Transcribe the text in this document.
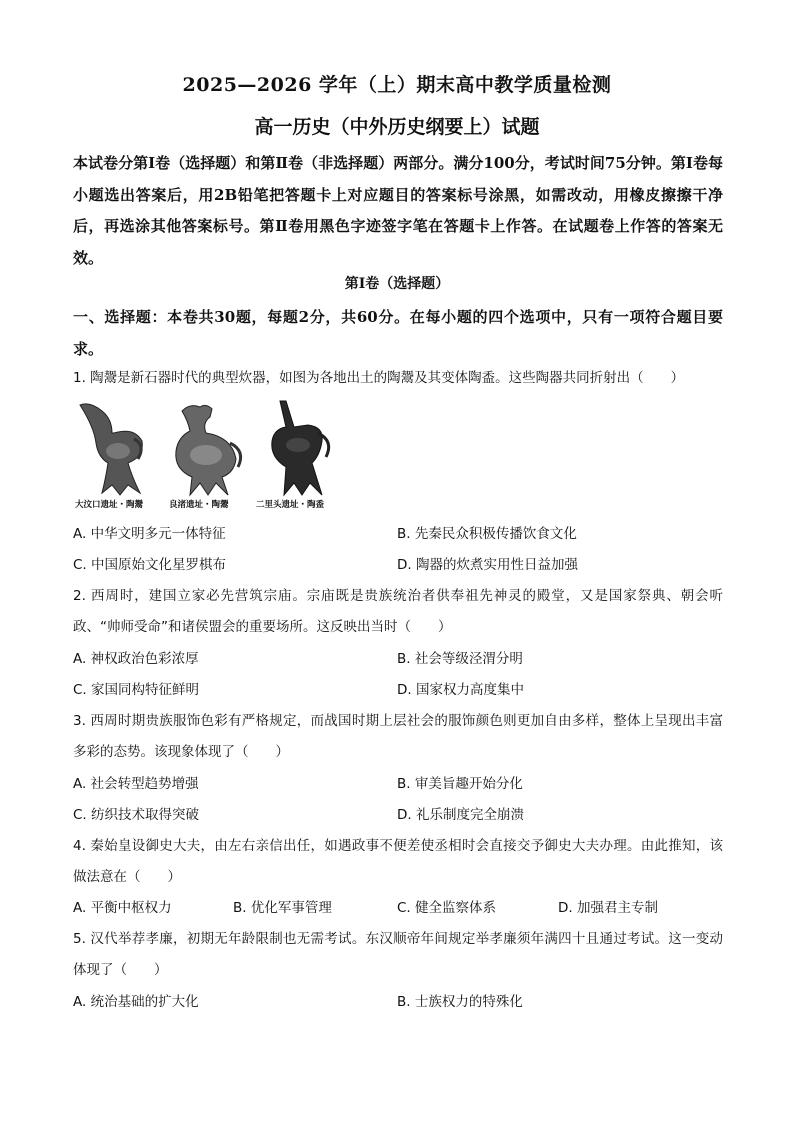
2025—2026 学年（上）期末高中教学质量检测
高一历史（中外历史纲要上）试题
本试卷分第Ⅰ卷（选择题）和第Ⅱ卷（非选择题）两部分。满分100分，考试时间75分钟。第Ⅰ卷每小题选出答案后，用2B铅笔把答题卡上对应题目的答案标号涂黑，如需改动，用橡皮擦擦干净后，再选涂其他答案标号。第Ⅱ卷用黑色字迹签字笔在答题卡上作答。在试题卷上作答的答案无效。
第Ⅰ卷（选择题）
一、选择题：本卷共30题，每题2分，共60分。在每小题的四个选项中，只有一项符合题目要求。
1. 陶鬶是新石器时代的典型炊器，如图为各地出土的陶鬶及其变体陶盉。这些陶器共同折射出（　　）
大汶口遗址・陶鬶	良渚遗址・陶鬶	二里头遗址・陶盉
A. 中华文明多元一体特征	B. 先秦民众积极传播饮食文化
C. 中国原始文化星罗棋布	D. 陶器的炊煮实用性日益加强
2. 西周时，建国立家必先营筑宗庙。宗庙既是贵族统治者供奉祖先神灵的殿堂，又是国家祭典、朝会听政、“帅师受命”和诸侯盟会的重要场所。这反映出当时（　　）
A. 神权政治色彩浓厚	B. 社会等级泾渭分明
C. 家国同构特征鲜明	D. 国家权力高度集中
3. 西周时期贵族服饰色彩有严格规定，而战国时期上层社会的服饰颜色则更加自由多样，整体上呈现出丰富多彩的态势。该现象体现了（　　）
A. 社会转型趋势增强	B. 审美旨趣开始分化
C. 纺织技术取得突破	D. 礼乐制度完全崩溃
4. 秦始皇设御史大夫，由左右亲信出任，如遇政事不便差使丞相时会直接交予御史大夫办理。由此推知，该做法意在（　　）
A. 平衡中枢权力	B. 优化军事管理	C. 健全监察体系	D. 加强君主专制
5. 汉代举荐孝廉，初期无年龄限制也无需考试。东汉顺帝年间规定举孝廉须年满四十且通过考试。这一变动体现了（　　）
A. 统治基础的扩大化	B. 士族权力的特殊化
